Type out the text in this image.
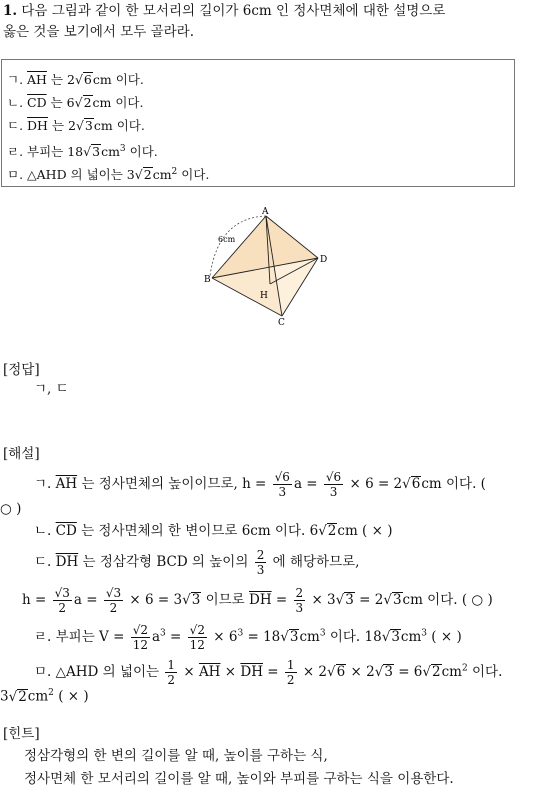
1. 다음 그림과 같이 한 모서리의 길이가 6cm 인 정사면체에 대한 설명으로
옳은 것을 보기에서 모두 골라라.
ㄱ. $\overline{AH}$ 는 2√6cm 이다.
ㄴ. $\overline{CD}$ 는 6√2cm 이다.
ㄷ. $\overline{DH}$ 는 2√3cm 이다.
ㄹ. 부피는 $18√3cm^3$ 이다.
ㅁ. △AHD 의 넓이는 $3√2cm^2$ 이다.
A
B
C
D
H
6cm
[정답]
ㄱ, ㄷ
[해설]
ㄱ. $\overline{AH}$ 는 정사면체의 높이이므로, $h = \frac{√6}{3}$ $a = \frac{√6}{3} \times 6 = 2√6cm$ 이다. (
○ )
ㄴ. $\overline{CD}$ 는 정사면체의 한 변이므로 6cm 이다. 6√2cm ( × )
ㄷ. $\overline{DH}$ 는 정삼각형 BCD 의 높이의 $\frac{2}{3}$ 에 해당하므로,
$h = \frac{√3}{2}$ $a = \frac{√3}{2} \times 6 = 3√3$ 이므로 $\overline{DH} = \frac{2}{3} \times 3√3 = 2√3cm$ 이다. ( ○ )
ㄹ. 부피는 $V = \frac{√2}{12} a^3 = \frac{√2}{12} \times 6^3 = 18√3cm^3$ 이다. $18√3cm^3$ ( × )
ㅁ. △AHD 의 넓이는 $\frac{1}{2} \times \overline{AH} \times \overline{DH} = \frac{1}{2} \times 2√6 \times 2√3 = 6√2cm^2$ 이다.
$3√2cm^2$ ( × )
[힌트]
정삼각형의 한 변의 길이를 알 때, 높이를 구하는 식,
정사면체 한 모서리의 길이를 알 때, 높이와 부피를 구하는 식을 이용한다.
